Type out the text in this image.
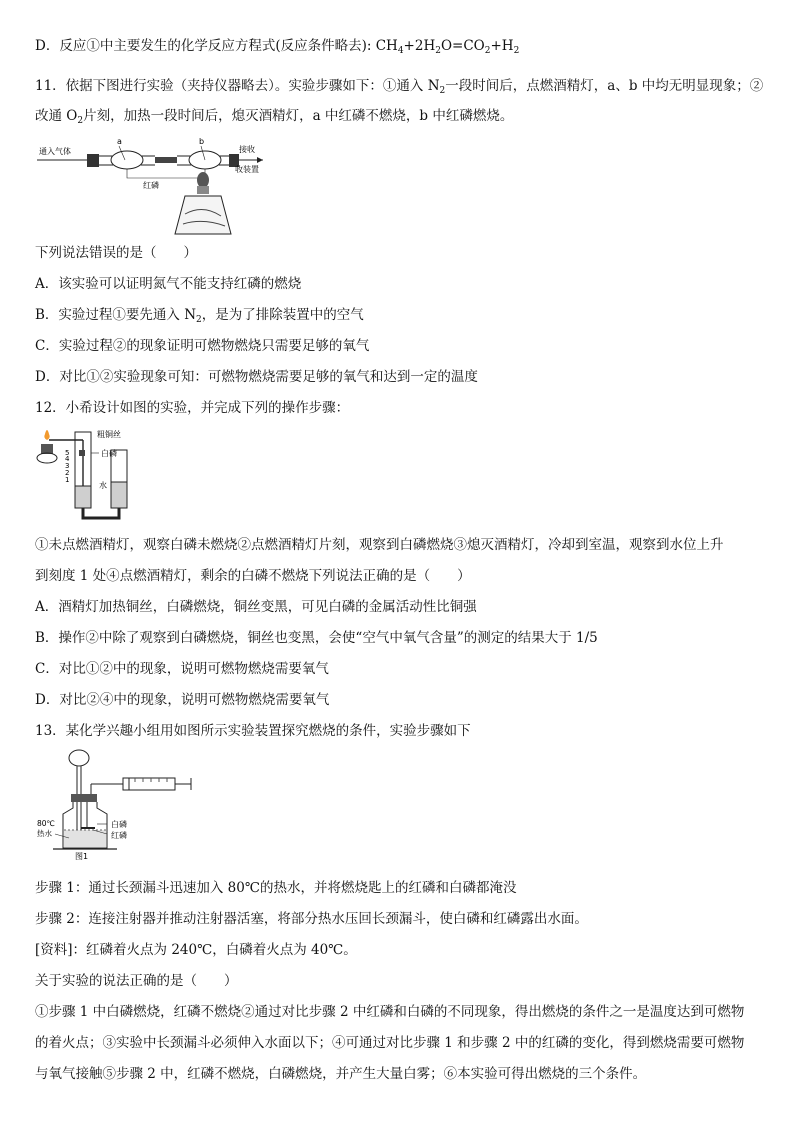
D．反应①中主要发生的化学反应方程式(反应条件略去): $CH_4+2H_2O=CO_2+H_2$
11．依据下图进行实验（夹持仪器略去）。实验步骤如下：①通入 $N_2$一段时间后，点燃酒精灯，a、b 中均无明显现象；②
改通 $O_2$片刻，加热一段时间后，熄灭酒精灯，a 中红磷不燃烧，b 中红磷燃烧。
通入气体
a	b
接收
收装置
红磷
下列说法错误的是（　　）
A．该实验可以证明氮气不能支持红磷的燃烧
B．实验过程①要先通入 $N_2$，是为了排除装置中的空气
C．实验过程②的现象证明可燃物燃烧只需要足够的氧气
D．对比①②实验现象可知：可燃物燃烧需要足够的氧气和达到一定的温度
12．小希设计如图的实验，并完成下列的操作步骤：
粗铜丝
5
4
3
2
1
白磷
水
①未点燃酒精灯，观察白磷未燃烧②点燃酒精灯片刻，观察到白磷燃烧③熄灭酒精灯，冷却到室温，观察到水位上升
到刻度 1 处④点燃酒精灯，剩余的白磷不燃烧下列说法正确的是（　　）
A．酒精灯加热铜丝，白磷燃烧，铜丝变黑，可见白磷的金属活动性比铜强
B．操作②中除了观察到白磷燃烧，铜丝也变黑，会使“空气中氧气含量”的测定的结果大于 1/5
C．对比①②中的现象，说明可燃物燃烧需要氧气
D．对比②④中的现象，说明可燃物燃烧需要氧气
13．某化学兴趣小组用如图所示实验装置探究燃烧的条件，实验步骤如下
白磷
红磷
80℃
热水
图1
步骤 1：通过长颈漏斗迅速加入 80℃的热水，并将燃烧匙上的红磷和白磷都淹没
步骤 2：连接注射器并推动注射器活塞，将部分热水压回长颈漏斗，使白磷和红磷露出水面。
[资料]：红磷着火点为 240℃，白磷着火点为 40℃。
关于实验的说法正确的是（　　）
①步骤 1 中白磷燃烧，红磷不燃烧②通过对比步骤 2 中红磷和白磷的不同现象，得出燃烧的条件之一是温度达到可燃物
的着火点；③实验中长颈漏斗必须伸入水面以下；④可通过对比步骤 1 和步骤 2 中的红磷的变化，得到燃烧需要可燃物
与氧气接触⑤步骤 2 中，红磷不燃烧，白磷燃烧，并产生大量白雾；⑥本实验可得出燃烧的三个条件。
